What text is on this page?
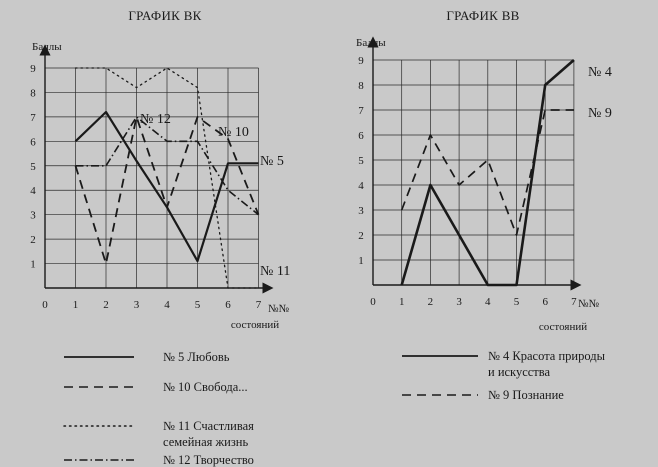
ГРАФИК ВК
Баллы
1
2
3
4
5
6
7
8
9
0 1 2 3 4 5 6 7 №№
состояний
№ 5
№ 10
№ 11
№ 12
ГРАФИК ВВ
Баллы
1
2
3
4
5
6
7
8
9
0 1 2 3 4 5 6 7 №№
состояний
№ 4
№ 9
№ 5 Любовь
№ 10 Свобода...
№ 11 Счастливая
семейная жизнь
№ 12 Творчество
№ 4 Красота природы
и искусства
№ 9 Познание
